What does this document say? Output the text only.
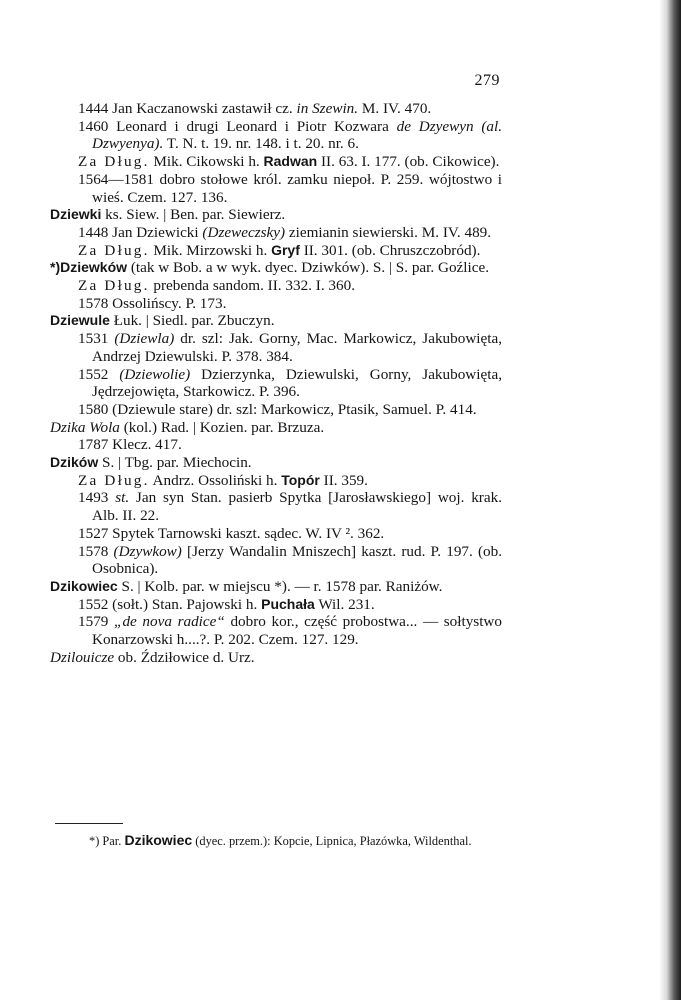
279

1444 Jan Kaczanowski zastawił cz. in Szewin. M. IV. 470.

1460 Leonard i drugi Leonard i Piotr Kozwara de Dzyewyn (al. Dzwyenya). T. N. t. 19. nr. 148. i t. 20. nr. 6.

Za Dług. Mik. Cikowski h. Radwan II. 63. I. 177. (ob. Cikowice).

1564—1581 dobro stołowe król. zamku niepoł. P. 259. wójtostwo i wieś. Czem. 127. 136.

Dziewki ks. Siew. | Ben. par. Siewierz.

1448 Jan Dziewicki (Dzeweczsky) ziemianin siewierski. M. IV. 489.

Za Dług. Mik. Mirzowski h. Gryf II. 301. (ob. Chruszczobród).

*)Dziewków (tak w Bob. a w wyk. dyec. Dziwków). S. | S. par. Goźlice.

Za Dług. prebenda sandom. II. 332. I. 360.

1578 Ossolińscy. P. 173.

Dziewule Łuk. | Siedl. par. Zbuczyn.

1531 (Dziewla) dr. szl: Jak. Gorny, Mac. Markowicz, Jakubowięta, Andrzej Dziewulski. P. 378. 384.

1552 (Dziewolie) Dzierzynka, Dziewulski, Gorny, Jakubowięta, Jędrzejowięta, Starkowicz. P. 396.

1580 (Dziewule stare) dr. szl: Markowicz, Ptasik, Samuel. P. 414.

Dzika Wola (kol.) Rad. | Kozien. par. Brzuza.

1787 Klecz. 417.

Dzików S. | Tbg. par. Miechocin.

Za Dług. Andrz. Ossoliński h. Topór II. 359.

1493 st. Jan syn Stan. pasierb Spytka [Jarosławskiego] woj. krak. Alb. II. 22.

1527 Spytek Tarnowski kaszt. sądec. W. IV ². 362.

1578 (Dzywkow) [Jerzy Wandalin Mniszech] kaszt. rud. P. 197. (ob. Osobnica).

Dzikowiec S. | Kolb. par. w miejscu *). — r. 1578 par. Raniżów.

1552 (sołt.) Stan. Pajowski h. Puchała Wil. 231.

1579 „de nova radice“ dobro kor., część probostwa... — sołtystwo Konarzowski h....?. P. 202. Czem. 127. 129.

Dzilouicze ob. Ździłowice d. Urz.

*) Par. Dzikowiec (dyec. przem.): Kopcie, Lipnica, Płazówka, Wildenthal.
